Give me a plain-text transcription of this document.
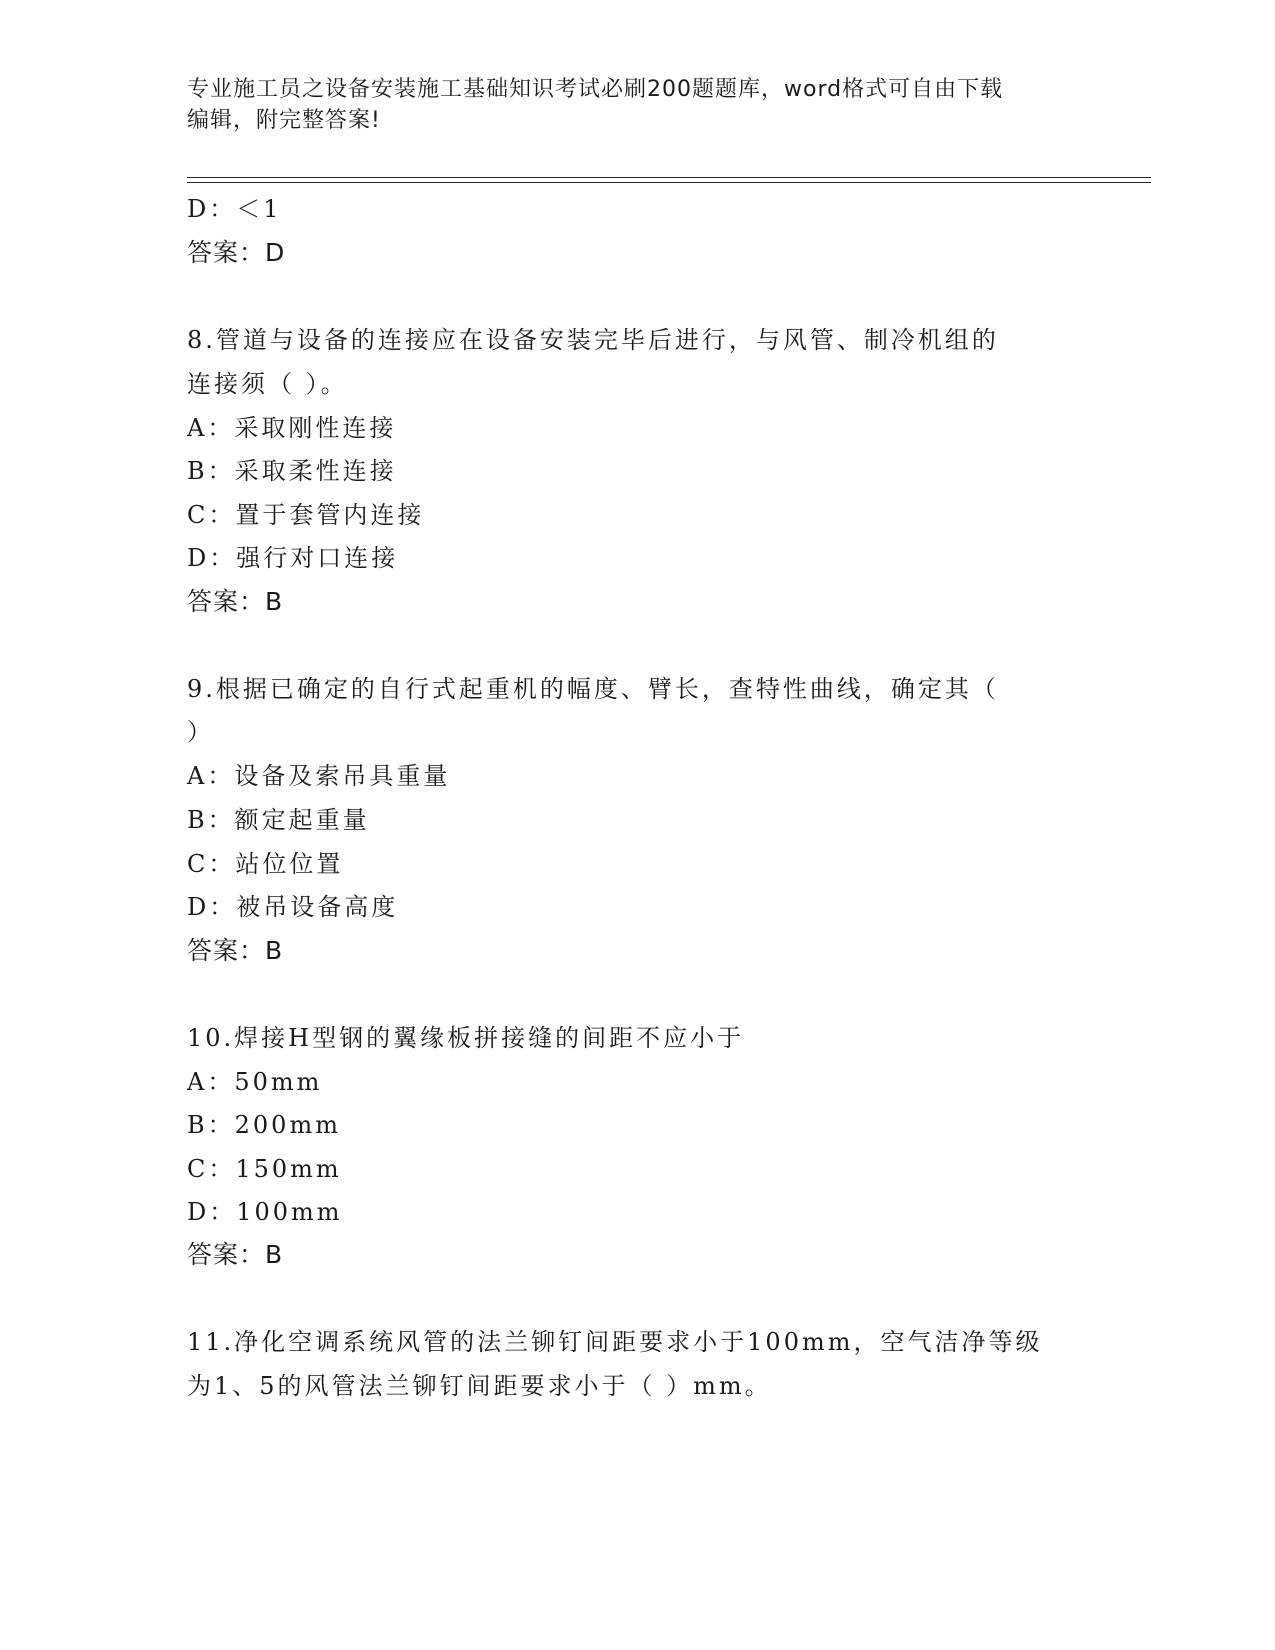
专业施工员之设备安装施工基础知识考试必刷200题题库，word格式可自由下载
编辑，附完整答案!
D：＜1
答案：D
8.管道与设备的连接应在设备安装完毕后进行，与风管、制冷机组的
连接须（ ）。
A：采取刚性连接
B：采取柔性连接
C：置于套管内连接
D：强行对口连接
答案：B
9.根据已确定的自行式起重机的幅度、臂长，查特性曲线，确定其（
）
A：设备及索吊具重量
B：额定起重量
C：站位位置
D：被吊设备高度
答案：B
10.焊接H型钢的翼缘板拼接缝的间距不应小于
A：50mm
B：200mm
C：150mm
D：100mm
答案：B
11.净化空调系统风管的法兰铆钉间距要求小于100mm，空气洁净等级
为1、5的风管法兰铆钉间距要求小于（ ）mm。
